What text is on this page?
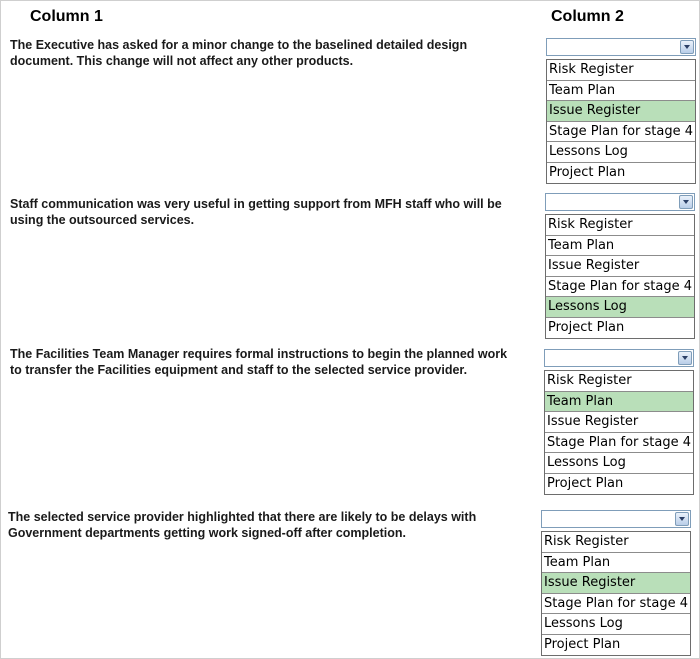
Column 1	Column 2
The Executive has asked for a minor change to the baselined detailed design document. This change will not affect any other products.
Risk Register
Team Plan
Issue Register
Stage Plan for stage 4
Lessons Log
Project Plan
Staff communication was very useful in getting support from MFH staff who will be using the outsourced services.	Risk Register
Team Plan
Issue Register
Stage Plan for stage 4
Lessons Log
Project Plan
The Facilities Team Manager requires formal instructions to begin the planned work to transfer the Facilities equipment and staff to the selected service provider.
Risk Register
Team Plan
Issue Register
Stage Plan for stage 4
Lessons Log
Project Plan
The selected service provider highlighted that there are likely to be delays with Government departments getting work signed-off after completion.
Risk Register
Team Plan
Issue Register
Stage Plan for stage 4
Lessons Log
Project Plan
